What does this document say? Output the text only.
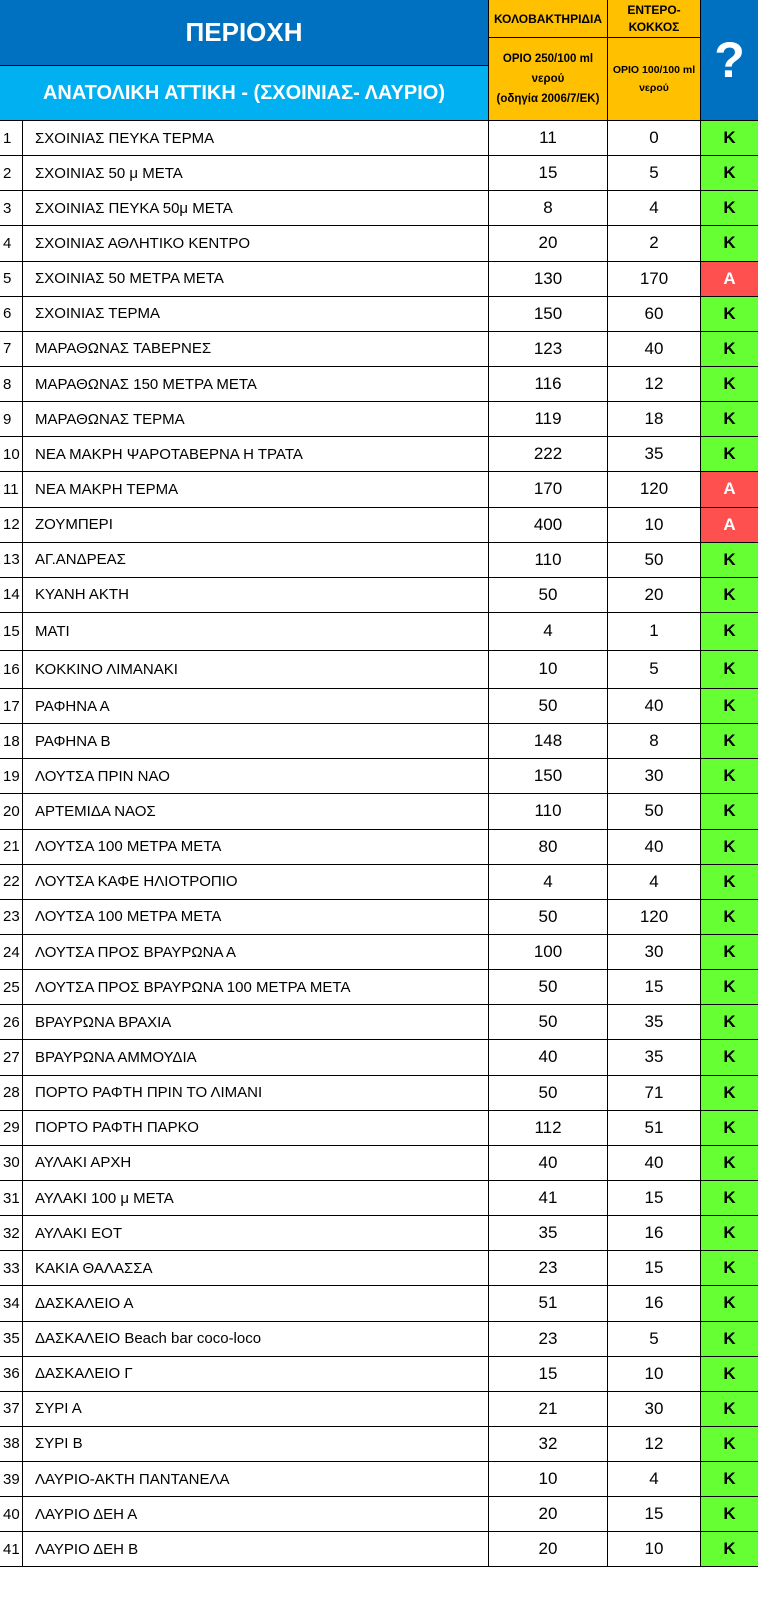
ΠΕΡΙΟΧΗ
ΑΝΑΤΟΛΙΚΗ ΑΤΤΙΚΗ - (ΣΧΟΙΝΙΑΣ- ΛΑΥΡΙΟ)
ΚΟΛΟΒΑΚΤΗΡΙΔΙΑ
ΟΡΙΟ 250/100 ml
νερού
(οδηγία 2006/7/ΕΚ)
ΕΝΤΕΡΟ-
ΚΟΚΚΟΣ
ΟΡΙΟ 100/100 ml
νερού ?
1	ΣΧΟΙΝΙΑΣ ΠΕΥΚΑ ΤΕΡΜΑ	11	0	K
2	ΣΧΟΙΝΙΑΣ 50 μ ΜΕΤΑ	15	5	K
3	ΣΧΟΙΝΙΑΣ ΠΕΥΚΑ 50μ ΜΕΤΑ	8	4	K
4	ΣΧΟΙΝΙΑΣ ΑΘΛΗΤΙΚΟ ΚΕΝΤΡΟ	20	2	K
5	ΣΧΟΙΝΙΑΣ 50 ΜΕΤΡΑ ΜΕΤΑ	130	170	A
6	ΣΧΟΙΝΙΑΣ ΤΕΡΜΑ	150	60	K
7	ΜΑΡΑΘΩΝΑΣ ΤΑΒΕΡΝΕΣ	123	40	K
8	ΜΑΡΑΘΩΝΑΣ 150 ΜΕΤΡΑ ΜΕΤΑ	116	12	K
9	ΜΑΡΑΘΩΝΑΣ ΤΕΡΜΑ	119	18	K
10	ΝΕΑ ΜΑΚΡΗ ΨΑΡΟΤΑΒΕΡΝΑ Η ΤΡΑΤΑ	222	35	K
11	ΝΕΑ ΜΑΚΡΗ ΤΕΡΜΑ	170	120	A
12	ΖΟΥΜΠΕΡΙ	400	10	A
13	ΑΓ.ΑΝΔΡΕΑΣ	110	50	K
14	ΚΥΑΝΗ ΑΚΤΗ	50	20	K
15	ΜΑΤΙ	4	1	K
16	ΚΟΚΚΙΝΟ ΛΙΜΑΝΑΚΙ	10	5	K
17	ΡΑΦΗΝΑ Α	50	40	K
18	ΡΑΦΗΝΑ Β	148	8	K
19	ΛΟΥΤΣΑ ΠΡΙΝ ΝΑΟ	150	30	K
20	ΑΡΤΕΜΙΔΑ ΝΑΟΣ	110	50	K
21	ΛΟΥΤΣΑ 100 ΜΕΤΡΑ ΜΕΤΑ	80	40	K
22	ΛΟΥΤΣΑ ΚΑΦΕ ΗΛΙΟΤΡΟΠΙΟ	4	4	K
23	ΛΟΥΤΣΑ 100 ΜΕΤΡΑ ΜΕΤΑ	50	120	K
24	ΛΟΥΤΣΑ ΠΡΟΣ ΒΡΑΥΡΩΝΑ Α	100	30	K
25	ΛΟΥΤΣΑ ΠΡΟΣ ΒΡΑΥΡΩΝΑ 100 ΜΕΤΡΑ ΜΕΤΑ	50	15	K
26	ΒΡΑΥΡΩΝΑ ΒΡΑΧΙΑ	50	35	K
27	ΒΡΑΥΡΩΝΑ ΑΜΜΟΥΔΙΑ	40	35	K
28	ΠΟΡΤΟ ΡΑΦΤΗ ΠΡΙΝ ΤΟ ΛΙΜΑΝΙ	50	71	K
29	ΠΟΡΤΟ ΡΑΦΤΗ ΠΑΡΚΟ	112	51	K
30	ΑΥΛΑΚΙ ΑΡΧΗ	40	40	K
31	ΑΥΛΑΚΙ 100 μ ΜΕΤΑ	41	15	K
32	ΑΥΛΑΚΙ ΕΟΤ	35	16	K
33	ΚΑΚΙΑ ΘΑΛΑΣΣΑ	23	15	K
34	ΔΑΣΚΑΛΕΙΟ Α	51	16	K
35	ΔΑΣΚΑΛΕΙΟ Beach bar coco-loco	23	5	K
36	ΔΑΣΚΑΛΕΙΟ Γ	15	10	K
37	ΣΥΡΙ Α	21	30	K
38	ΣΥΡΙ Β	32	12	K
39	ΛΑΥΡΙΟ-ΑΚΤΗ ΠΑΝΤΑΝΕΛΑ	10	4	K
40	ΛΑΥΡΙΟ ΔΕΗ Α	20	15	K
41	ΛΑΥΡΙΟ ΔΕΗ Β	20	10	K
